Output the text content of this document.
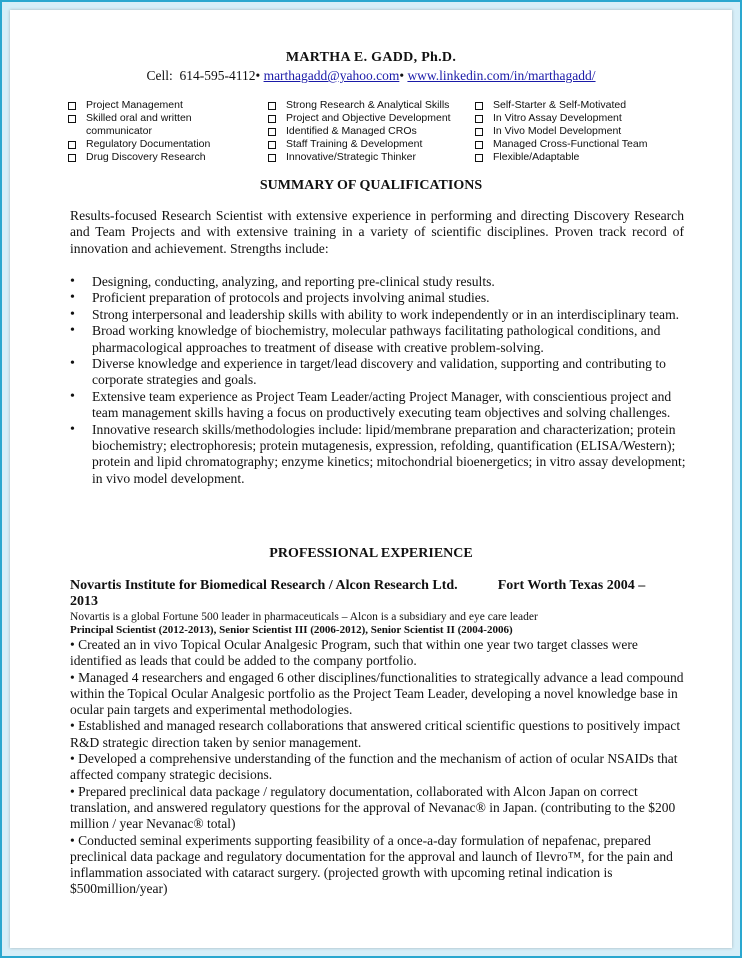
MARTHA E. GADD, Ph.D.
Cell: 614-595-4112• marthagadd@yahoo.com• www.linkedin.com/in/marthagadd/
Project Management
Skilled oral and written communicator
Regulatory Documentation
Drug Discovery Research
Strong Research & Analytical Skills
Project and Objective Development
Identified & Managed CROs
Staff Training & Development
Innovative/Strategic Thinker
Self-Starter & Self-Motivated
In Vitro Assay Development
In Vivo Model Development
Managed Cross-Functional Team
Flexible/Adaptable
SUMMARY OF QUALIFICATIONS
Results-focused Research Scientist with extensive experience in performing and directing Discovery Research and Team Projects and with extensive training in a variety of scientific disciplines. Proven track record of innovation and achievement. Strengths include:
• Designing, conducting, analyzing, and reporting pre-clinical study results.
• Proficient preparation of protocols and projects involving animal studies.
• Strong interpersonal and leadership skills with ability to work independently or in an interdisciplinary team.
• Broad working knowledge of biochemistry, molecular pathways facilitating pathological conditions, and pharmacological approaches to treatment of disease with creative problem-solving.
• Diverse knowledge and experience in target/lead discovery and validation, supporting and contributing to corporate strategies and goals.
• Extensive team experience as Project Team Leader/acting Project Manager, with conscientious project and team management skills having a focus on productively executing team objectives and solving challenges.
• Innovative research skills/methodologies include: lipid/membrane preparation and characterization; protein biochemistry; electrophoresis; protein mutagenesis, expression, refolding, quantification (ELISA/Western); protein and lipid chromatography; enzyme kinetics; mitochondrial bioenergetics; in vitro assay development; in vivo model development.
PROFESSIONAL EXPERIENCE
Novartis Institute for Biomedical Research / Alcon Research Ltd.	Fort Worth Texas 2004 – 2013
Novartis is a global Fortune 500 leader in pharmaceuticals – Alcon is a subsidiary and eye care leader
Principal Scientist (2012-2013), Senior Scientist III (2006-2012), Senior Scientist II (2004-2006)
• Created an in vivo Topical Ocular Analgesic Program, such that within one year two target classes were identified as leads that could be added to the company portfolio.
• Managed 4 researchers and engaged 6 other disciplines/functionalities to strategically advance a lead compound within the Topical Ocular Analgesic portfolio as the Project Team Leader, developing a novel knowledge base in ocular pain targets and experimental methodologies.
• Established and managed research collaborations that answered critical scientific questions to positively impact R&D strategic direction taken by senior management.
• Developed a comprehensive understanding of the function and the mechanism of action of ocular NSAIDs that affected company strategic decisions.
• Prepared preclinical data package / regulatory documentation, collaborated with Alcon Japan on correct translation, and answered regulatory questions for the approval of Nevanac® in Japan. (contributing to the $200 million / year Nevanac® total)
• Conducted seminal experiments supporting feasibility of a once-a-day formulation of nepafenac, prepared preclinical data package and regulatory documentation for the approval and launch of Ilevro™, for the pain and inflammation associated with cataract surgery. (projected growth with upcoming retinal indication is $500million/year)
